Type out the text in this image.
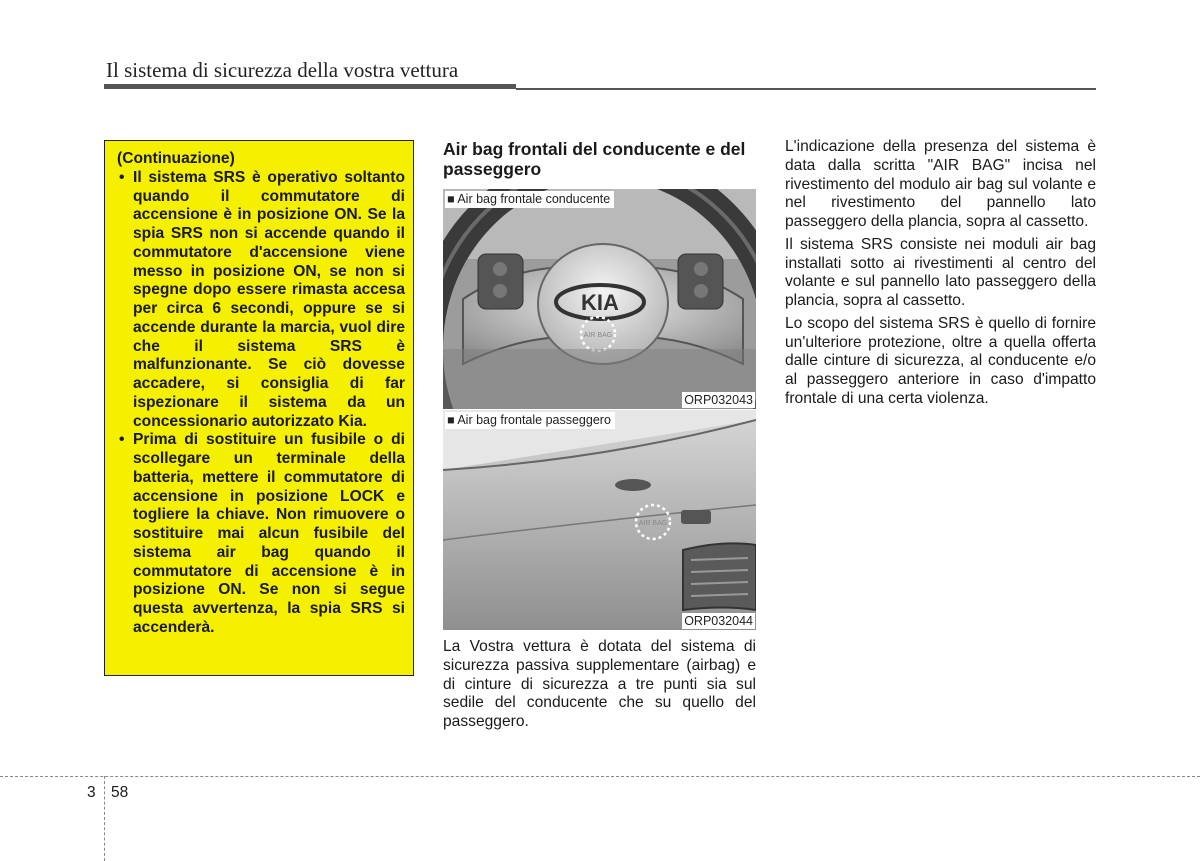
Il sistema di sicurezza della vostra vettura
(Continuazione)
• Il sistema SRS è operativo soltanto quando il commutatore di accensione è in posizione ON. Se la spia SRS non si accende quando il commutatore d'accensione viene messo in posizione ON, se non si spegne dopo essere rimasta accesa per circa 6 secondi, oppure se si accende durante la marcia, vuol dire che il sistema SRS è malfunzionante. Se ciò dovesse accadere, si consiglia di far ispezionare il sistema da un concessionario autorizzato Kia.
• Prima di sostituire un fusibile o di scollegare un terminale della batteria, mettere il commutatore di accensione in posizione LOCK e togliere la chiave. Non rimuovere o sostituire mai alcun fusibile del sistema air bag quando il commutatore di accensione è in posizione ON. Se non si segue questa avvertenza, la spia SRS si accenderà.
Air bag frontali del conducente e del passeggero
KIA
AIR BAG
■ Air bag frontale conducente
ORP032043
AIR BAG
■ Air bag frontale passeggero
ORP032044

La Vostra vettura è dotata del sistema di sicurezza passiva supplementare (airbag) e di cinture di sicurezza a tre punti sia sul sedile del conducente che su quello del passeggero.

L'indicazione della presenza del sistema è data dalla scritta "AIR BAG" incisa nel rivestimento del modulo air bag sul volante e nel rivestimento del pannello lato passeggero della plancia, sopra al cassetto.

Il sistema SRS consiste nei moduli air bag installati sotto ai rivestimenti al centro del volante e sul pannello lato passeggero della plancia, sopra al cassetto.

Lo scopo del sistema SRS è quello di fornire un'ulteriore protezione, oltre a quella offerta dalle cinture di sicurezza, al conducente e/o al passeggero anteriore in caso d'impatto frontale di una certa violenza.

3 58
